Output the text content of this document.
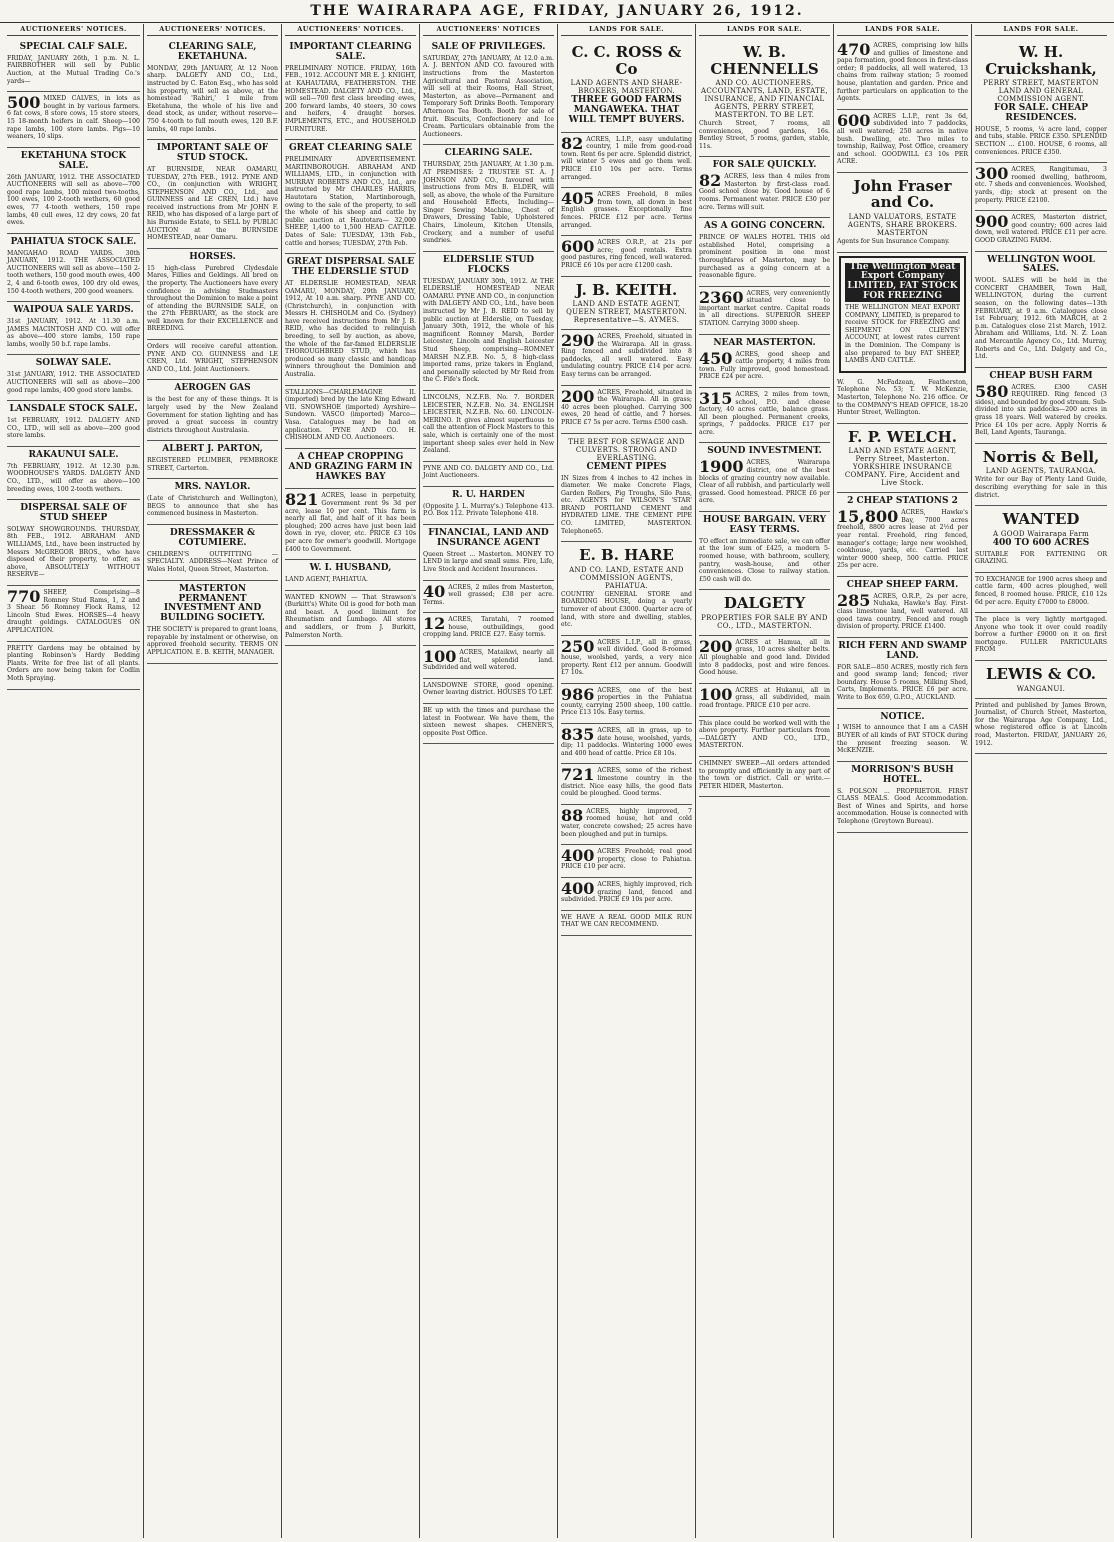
THE WAIRARAPA AGE, FRIDAY, JANUARY 26, 1912.
AUCTIONEERS' NOTICES.
SPECIAL CALF SALE.

FRIDAY, JANUARY 26th, 1 p.m. N. L. FAIRBROTHER will sell by Public Auction, at the Mutual Trading Co.'s yards—

500 MIXED CALVES, in lots as bought in by various farmers. 6 fat cows, 8 store cows, 15 store steers, 15 18-month heifers in calf. Sheep—100 rape lambs, 100 store lambs. Pigs—10 weaners, 10 slips.

EKETAHUNA STOCK SALE.

26th JANUARY, 1912. THE ASSOCIATED AUCTIONEERS will sell as above—700 good rape lambs, 100 mixed two-tooths, 100 ewes, 100 2-tooth wethers, 60 good ewes, 77 4-tooth wethers, 150 rape lambs, 40 cull ewes, 12 dry cows, 20 fat ewes.

PAHIATUA STOCK SALE.

MANGAHAO ROAD YARDS. 30th JANUARY, 1912. THE ASSOCIATED AUCTIONEERS will sell as above—150 2-tooth wethers, 150 good mouth ewes, 400 2, 4 and 6-tooth ewes, 100 dry old ewes, 150 4-tooth wethers, 200 good weaners.

WAIPOUA SALE YARDS.

31st JANUARY, 1912. At 11.30 a.m. JAMES MACINTOSH AND CO. will offer as above—400 store lambs, 150 rape lambs, woolly 50 b.f. rape lambs.

SOLWAY SALE.

31st JANUARY, 1912. THE ASSOCIATED AUCTIONEERS will sell as above—200 good rape lambs, 400 good store lambs.

LANSDALE STOCK SALE.

1st FEBRUARY, 1912. DALGETY AND CO., LTD., will sell as above—200 good store lambs.

RAKAUNUI SALE.

7th FEBRUARY, 1912. At 12.30 p.m. WOODHOUSE'S YARDS. DALGETY AND CO., LTD., will offer as above—100 breeding ewes, 100 2-tooth wethers.

DISPERSAL SALE OF STUD SHEEP

SOLWAY SHOWGROUNDS. THURSDAY, 8th FEB., 1912. ABRAHAM AND WILLIAMS, Ltd., have been instructed by Messrs McGREGOR BROS., who have disposed of their property, to offer, as above, ABSOLUTELY WITHOUT RESERVE—

770 SHEEP, Comprising—8 Romney Stud Rams, 1, 2 and 3 Shear. 56 Romney Flock Rams, 12 Lincoln Stud Ewes. HORSES—4 heavy draught geldings. CATALOGUES ON APPLICATION.

PRETTY Gardens may be obtained by planting Robinson's Hardy Bedding Plants. Write for free list of all plants. Orders are now being taken for Codlin Moth Spraying.

AUCTIONEERS' NOTICES.
CLEARING SALE, EKETAHUNA.

MONDAY, 29th JANUARY, At 12 Noon sharp. DALGETY AND CO., Ltd., instructed by C. Eaton Esq., who has sold his property, will sell as above, at the homestead 'Rahiri,' 1 mile from Eketahuna, the whole of his live and dead stock, as under, without reserve—750 4-tooth to full mouth ewes, 120 B.F. lambs, 40 rape lambs.

IMPORTANT SALE OF STUD STOCK.

AT BURNSIDE, NEAR OAMARU, TUESDAY, 27th FEB., 1912. PYNE AND CO., (in conjunction with WRIGHT, STEPHENSON AND CO., Ltd., and GUINNESS and LE CREN, Ltd.) have received instructions from Mr JOHN F. REID, who has disposed of a large part of his Burnside Estate, to SELL by PUBLIC AUCTION at the BURNSIDE HOMESTEAD, near Oamaru.

HORSES.

15 high-class Purebred Clydesdale Mares, Fillies and Geldings. All bred on the property. The Auctioneers have every confidence in advising Studmasters throughout the Dominion to make a point of attending the BURNSIDE SALE, on the 27th FEBRUARY, as the stock are well known for their EXCELLENCE and BREEDING.

Orders will receive careful attention. PYNE AND CO. GUINNESS and LE CREN, Ltd. WRIGHT, STEPHENSON AND CO., Ltd. Joint Auctioneers.

AEROGEN GAS

is the best for any of these things. It is largely used by the New Zealand Government for station lighting and has proved a great success in country districts throughout Australasia.

ALBERT J. PARTON,

REGISTERED PLUMBER, PEMBROKE STREET, Carterton.

MRS. NAYLOR.

(Late of Christchurch and Wellington), BEGS to announce that she has commenced business in Masterton.

DRESSMAKER & COTUMIERE.

CHILDREN'S OUTFITTING — SPECIALTY. ADDRESS—Next Prince of Wales Hotel, Queen Street, Masterton.

MASTERTON PERMANENT INVESTMENT AND BUILDING SOCIETY.

THE SOCIETY is prepared to grant loans, repayable by instalment or otherwise, on approved freehold security. TERMS ON APPLICATION. E. B. KEITH, MANAGER.

AUCTIONEERS' NOTICES.
IMPORTANT CLEARING SALE.

PRELIMINARY NOTICE. FRIDAY, 16th FEB., 1912. ACCOUNT MR E. J. KNIGHT, at KAHAUTARA, FEATHERSTON. THE HOMESTEAD. DALGETY AND CO., Ltd., will sell—700 first class breeding ewes, 200 forward lambs, 40 steers, 30 cows and heifers, 4 draught horses. IMPLEMENTS, ETC., and HOUSEHOLD FURNITURE.

GREAT CLEARING SALE

PRELIMINARY ADVERTISEMENT. MARTINBOROUGH. ABRAHAM AND WILLIAMS, LTD., in conjunction with MURRAY ROBERTS AND CO., Ltd., are instructed by Mr CHARLES HARRIS, Hautotara Station, Martinborough, owing to the sale of the property, to sell the whole of his sheep and cattle by public auction at Hautotara— 32,000 SHEEP, 1,400 to 1,500 HEAD CATTLE. Dates of Sale: TUESDAY, 13th Feb., cattle and horses; TUESDAY, 27th Feb.

GREAT DISPERSAL SALE THE ELDERSLIE STUD

AT ELDERSLIE HOMESTEAD, NEAR OAMARU, MONDAY, 29th JANUARY, 1912, At 10 a.m. sharp. PYNE AND CO. (Christchurch), in conjunction with Messrs H. CHISHOLM and Co. (Sydney) have received instructions from Mr J. B. REID, who has decided to relinquish breeding, to sell by auction, as above, the whole of the far-famed ELDERSLIE THOROUGHBRED STUD, which has produced so many classic and handicap winners throughout the Dominion and Australia.

STALLIONS—CHARLEMAGNE II. (imported) bred by the late King Edward VII. SNOWSHOE (imported) Ayrshire—Sundown. VASCO (imported) Marco—Vasa. Catalogues may be had on application. PYNE AND CO. H. CHISHOLM AND CO. Auctioneers.

A CHEAP CROPPING AND GRAZING FARM IN HAWKES BAY

821 ACRES, lease in perpetuity, Government rent 9s 3d per acre, lease 10 per cent. This farm is nearly all flat, and half of it has been ploughed; 200 acres have just been laid down in rye, clover, etc. PRICE £3 10s per acre for owner's goodwill. Mortgage £400 to Government.

W. I. HUSBAND,

LAND AGENT, PAHIATUA.

WANTED KNOWN — That Strawson's (Burkitt's) White Oil is good for both man and beast. A good liniment for Rheumatism and Lumbago. All stores and saddlers, or from J. Burkitt, Palmerston North.

AUCTIONEERS' NOTICES
SALE OF PRIVILEGES.

SATURDAY, 27th JANUARY, At 12.0 a.m. A. J. BENTON AND CO. favoured with instructions from the Masterton Agricultural and Pastoral Association, will sell at their Rooms, Hall Street, Masterton, as above—Permanent and Temporary Soft Drinks Booth. Temporary Afternoon Tea Booth. Booth for sale of fruit. Biscuits, Confectionery and Ice Cream. Particulars obtainable from the Auctioneers.

CLEARING SALE.

THURSDAY, 25th JANUARY, At 1.30 p.m. AT PREMISES: 2 TRUSTEE ST. A. J JOHNSON AND CO., favoured with instructions from Mrs B. ELDER, will sell, as above, the whole of the Furniture and Household Effects, Including—Singer Sewing Machine, Chest of Drawers, Dressing Table, Upholstered Chairs, Linoleum, Kitchen Utensils, Crockery, and a number of useful sundries.

ELDERSLIE STUD FLOCKS

TUESDAY, JANUARY 30th, 1912. At THE ELDERSLIE HOMESTEAD NEAR OAMARU. PYNE AND CO., in conjunction with DALGETY AND CO., Ltd., have been instructed by Mr J. B. REID to sell by public auction at Elderslie, on Tuesday, January 30th, 1912, the whole of his magnificent Romney Marsh, Border Leicester, Lincoln and English Leicester Stud Sheep, comprising—ROMNEY MARSH N.Z.F.B. No. 5, 8 high-class imported rams, prize takers in England, and personally selected by Mr Reid from the C. Fife's flock.

LINCOLNS, N.Z.F.B. No. 7. BORDER LEICESTER, N.Z.F.B. No. 34. ENGLISH LEICESTER, N.Z.F.B. No. 60. LINCOLN-MERINO. It gives almost superfluous to call the attention of Flock Masters to this sale, which is certainly one of the most important sheep sales ever held in New Zealand.

PYNE AND CO. DALGETY AND CO., Ltd. Joint Auctioneers.

R. U. HARDEN

(Opposite J. L. Murray's.) Telephone 413. P.O. Box 112. Private Telephone 418.

FINANCIAL, LAND AND INSURANCE AGENT

Queen Street ... Masterton. MONEY TO LEND in large and small sums. Fire, Life, Live Stock and Accident Insurances.

40 ACRES, 2 miles from Masterton, well grassed; £38 per acre. Terms.

12 ACRES, Taratahi, 7 roomed house, outbuildings, good cropping land. PRICE £27. Easy terms.

100 ACRES, Mataikwi, nearly all flat, splendid land. Subdivided and well watered.

LANSDOWNE STORE, good opening. Owner leaving district. HOUSES TO LET.

BE up with the times and purchase the latest in Footwear. We have them, the sixteen newest shapes. CHENER'S, opposite Post Office.

LANDS FOR SALE.
C. C. ROSS & Co
LAND AGENTS AND SHARE-BROKERS, MASTERTON.
THREE GOOD FARMS MANGAWEKA. THAT WILL TEMPT BUYERS.

82 ACRES, L.I.P., easy undulating country, 1 mile from good-road town. Rent 6s per acre. Splendid district, will winter 5 ewes and go them well. PRICE £10 10s per acre. Terms arranged.

405 ACRES Freehold, 8 miles from town, all down in best English grasses. Exceptionally fine fences. PRICE £12 per acre. Terms arranged.

600 ACRES O.R.P., at 21s per acre; good rentals. Extra good pastures, ring fenced, well watered. PRICE £6 10s per acre £1200 cash.

J. B. KEITH.
LAND AND ESTATE AGENT, QUEEN STREET, MASTERTON. Representative—S. AYMES.

290 ACRES, Freehold, situated in the Wairarapa. All in grass. Ring fenced and subdivided into 8 paddocks, all well watered. Easy undulating country. PRICE £14 per acre. Easy terms can be arranged.

200 ACRES, Freehold, situated in the Wairarapa. All in grass; 40 acres been ploughed. Carrying 300 ewes, 20 head of cattle, and 7 horses. PRICE £7 5s per acre. Terms £500 cash.

THE BEST FOR SEWAGE AND CULVERTS. STRONG AND EVERLASTING.
CEMENT PIPES

IN Sizes from 4 inches to 42 inches in diameter. We make Concrete Flags, Garden Rollers, Pig Troughs, Silo Pans, etc. AGENTS for WILSON'S 'STAR' BRAND PORTLAND CEMENT and HYDRATED LIME. THE CEMENT PIPE CO. LIMITED, MASTERTON. Telephone65.

E. B. HARE
AND CO. LAND, ESTATE AND COMMISSION AGENTS, PAHIATUA.

COUNTRY GENERAL STORE and BOARDING HOUSE, doing a yearly turnover of about £3000. Quarter acre of land, with store and dwelling, stables, etc.

250 ACRES L.I.P., all in grass, well divided. Good 8-roomed house, woolshed, yards, a very nice property. Rent £12 per annum. Goodwill £7 10s.

986 ACRES, one of the best properties in the Pahiatua county, carrying 2500 sheep, 100 cattle. Price £13 10s. Easy terms.

835 ACRES, all in grass, up to date house, woolshed, yards, dip; 11 paddocks. Wintering 1000 ewes and 400 head of cattle. Price £8 10s.

721 ACRES, some of the richest limestone country in the district. Nice easy hills, the good flats could be ploughed. Good terms.

88 ACRES, highly improved, 7 roomed house, hot and cold water, concrete cowshed; 25 acres have been ploughed and put in turnips.

400 ACRES Freehold; real good property, close to Pahiatua. PRICE £10 per acre.

400 ACRES, highly improved, rich grazing land, fenced and subdivided. PRICE £9 10s per acre.

WE HAVE A REAL GOOD MILK RUN THAT WE CAN RECOMMEND.

LANDS FOR SALE.
W. B. CHENNELLS
AND CO. AUCTIONEERS, ACCOUNTANTS, LAND, ESTATE, INSURANCE, AND FINANCIAL AGENTS, PERRY STREET, MASTERTON. TO BE LET.

Church Street, 7 rooms, all conveniences, good gardens, 16s. Bentley Street, 5 rooms, garden, stable, 11s.

FOR SALE QUICKLY.

82 ACRES, less than 4 miles from Masterton by first-class road. Good school close by. Good house of 6 rooms. Permanent water. PRICE £30 per acre. Terms will suit.

AS A GOING CONCERN.

PRINCE OF WALES HOTEL THIS old established Hotel, comprising a prominent position in one most thoroughfares of Masterton, may be purchased as a going concern at a reasonable figure.

2360 ACRES, very conveniently situated close to important market centre. Capital roads in all directions. SUPERIOR SHEEP STATION. Carrying 3000 sheep.

NEAR MASTERTON.

450 ACRES, good sheep and cattle property, 4 miles from town. Fully improved, good homestead. PRICE £24 per acre.

315 ACRES, 2 miles from town, school, P.O. and cheese factory, 40 acres cattle, balance grass. All been ploughed. Permanent creeks, springs, 7 paddocks. PRICE £17 per acre.

SOUND INVESTMENT.

1900 ACRES, Wairarapa district, one of the best blocks of grazing country now available. Clear of all rubbish, and particularly well grassed. Good homestead. PRICE £6 per acre.

HOUSE BARGAIN. VERY EASY TERMS.

TO effect an immediate sale, we can offer at the low sum of £425, a modern 5-roomed house, with bathroom, scullery, pantry, wash-house, and other conveniences. Close to railway station. £50 cash will do.

DALGETY
PROPERTIES FOR SALE BY AND CO., LTD., MASTERTON.

200 ACRES at Hamua, all in grass, 10 acres shelter belts. All ploughable and good land. Divided into 8 paddocks, post and wire fences. Good house.

100 ACRES at Hukanui, all in grass, all subdivided, main road frontage. PRICE £10 per acre.

This place could be worked well with the above property. Further particulars from—DALGETY AND CO., LTD., MASTERTON.

CHIMNEY SWEEP.—All orders attended to promptly and efficiently in any part of the town or district. Call or write.—PETER HIDER, Masterton.

LANDS FOR SALE.

470 ACRES, comprising low hills and gullies of limestone and papa formation, good fences in first-class order; 8 paddocks, all well watered, 13 chains from railway station; 5 roomed house, plantation and garden. Price and further particulars on application to the Agents.

600 ACRES L.I.P., rent 3s 6d, subdivided into 7 paddocks, all well watered; 250 acres in native bush. Dwelling, etc. Two miles to township, Railway, Post Office, creamery and school. GOODWILL £3 10s PER ACRE.

John Fraser and Co.
LAND VALUATORS, ESTATE AGENTS, SHARE BROKERS. MASTERTON

Agents for Sun Insurance Company.

The Wellington Meat Export Company LIMITED, FAT STOCK FOR FREEZING

THE WELLINGTON MEAT EXPORT COMPANY, LIMITED, is prepared to receive STOCK for FREEZING and SHIPMENT ON CLIENTS' ACCOUNT, at lowest rates current in the Dominion. The Company is also prepared to buy FAT SHEEP, LAMBS AND CATTLE.

W. G. McFadzean, Featherston, Telephone No. 53; T. W. McKenzie, Masterton, Telephone No. 216 office. Or to the COMPANY'S HEAD OFFICE, 18-20 Hunter Street, Wellington.

F. P. WELCH.
LAND AND ESTATE AGENT, Perry Street, Masterton. YORKSHIRE INSURANCE COMPANY. Fire, Accident and Live Stock.
2 CHEAP STATIONS 2

15,800 ACRES, Hawke's Bay, 7000 acres freehold, 8800 acres lease at 2½d per year rental. Freehold, ring fenced, manager's cottage; large new woolshed, cookhouse, yards, etc. Carried last winter 9000 sheep, 500 cattle. PRICE 25s per acre.

CHEAP SHEEP FARM.

285 ACRES, O.R.P., 2s per acre, Nuhaka, Hawke's Bay. First-class limestone land, well watered. All good tawa country. Fenced and rough division of property. PRICE £1400.

RICH FERN AND SWAMP LAND.

FOR SALE—850 ACRES, mostly rich fern and good swamp land; fenced; river boundary. House 5 rooms, Milking Shed, Carts, Implements. PRICE £6 per acre. Write to Box 659, G.P.O., AUCKLAND.

NOTICE.

I WISH to announce that I am a CASH BUYER of all kinds of FAT STOCK during the present freezing season. W. McKENZIE.

MORRISON'S BUSH HOTEL.

S. POLSON ... PROPRIETOR. FIRST CLASS MEALS. Good Accommodation. Best of Wines and Spirits, and horse accommodation. House is connected with Telephone (Greytown Bureau).

LANDS FOR SALE.
W. H. Cruickshank,
PERRY STREET, MASTERTON LAND AND GENERAL COMMISSION AGENT.
FOR SALE. CHEAP RESIDENCES.

HOUSE, 5 rooms, ¼ acre land, copper and tubs, stable. PRICE £350. SPLENDID SECTION ... £100. HOUSE, 6 rooms, all conveniences. PRICE £350.

300 ACRES, Rangitumau, 3 roomed dwelling, bathroom, etc. 7 sheds and conveniences. Woolshed, yards, dip; stock at present on the property. PRICE £2100.

900 ACRES, Masterton district, good country; 600 acres laid down, well watered. PRICE £11 per acre. GOOD GRAZING FARM.

WELLINGTON WOOL SALES.

WOOL SALES will be held in the CONCERT CHAMBER, Town Hall, WELLINGTON, during the current season, on the following dates—13th FEBRUARY, at 9 a.m. Catalogues close 1st February, 1912. 6th MARCH, at 2 p.m. Catalogues close 21st March, 1912. Abraham and Williams, Ltd. N. Z. Loan and Mercantile Agency Co., Ltd. Murray, Roberts and Co., Ltd. Dalgety and Co., Ltd.

CHEAP BUSH FARM

580 ACRES. £300 CASH REQUIRED. Ring fenced (3 sides), and bounded by good stream. Sub-divided into six paddocks—200 acres in grass 18 years. Well watered by creeks. Price £4 10s per acre. Apply Norris & Bell, Land Agents, Tauranga.

Norris & Bell,
LAND AGENTS, TAURANGA.

Write for our Bay of Plenty Land Guide, describing everything for sale in this district.

WANTED
A GOOD Wairarapa Farm
400 TO 600 ACRES

SUITABLE FOR FATTENING OR GRAZING.

TO EXCHANGE for 1900 acres sheep and cattle farm, 400 acres ploughed, well fenced, 8 roomed house. PRICE, £10 12s 6d per acre. Equity £7000 to £8000.

The place is very lightly mortgaged. Anyone who took it over could readily borrow a further £9000 on it on first mortgage. FULLER PARTICULARS FROM

LEWIS & CO.
WANGANUI.

Printed and published by James Brown, Journalist, of Church Street, Masterton, for the Wairarapa Age Company, Ltd., whose registered office is at Lincoln road, Masterton. FRIDAY, JANUARY 26, 1912.
